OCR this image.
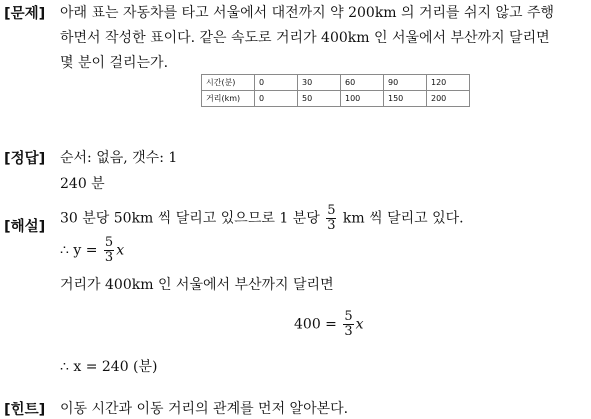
[문제] 아래 표는 자동차를 타고 서울에서 대전까지 약 200km 의 거리를 쉬지 않고 주행
하면서 작성한 표이다. 같은 속도로 거리가 400km 인 서울에서 부산까지 달리면
몇 분이 걸리는가.
시간(분)	0	30	60	90	120
거리(km)	0	50	100	150	200
[정답] 순서: 없음, 갯수: 1
240 분
[해설]
30 분당 50km 씩 달리고 있으므로 1 분당 $\frac{5}{3}$ km 씩 달리고 있다.
∴ $y = \frac{5}{3}$ x
거리가 400km 인 서울에서 부산까지 달리면
$400 = \frac{5}{3}$ x
∴ x = 240 (분)
[힌트] 이동 시간과 이동 거리의 관계를 먼저 알아본다.
